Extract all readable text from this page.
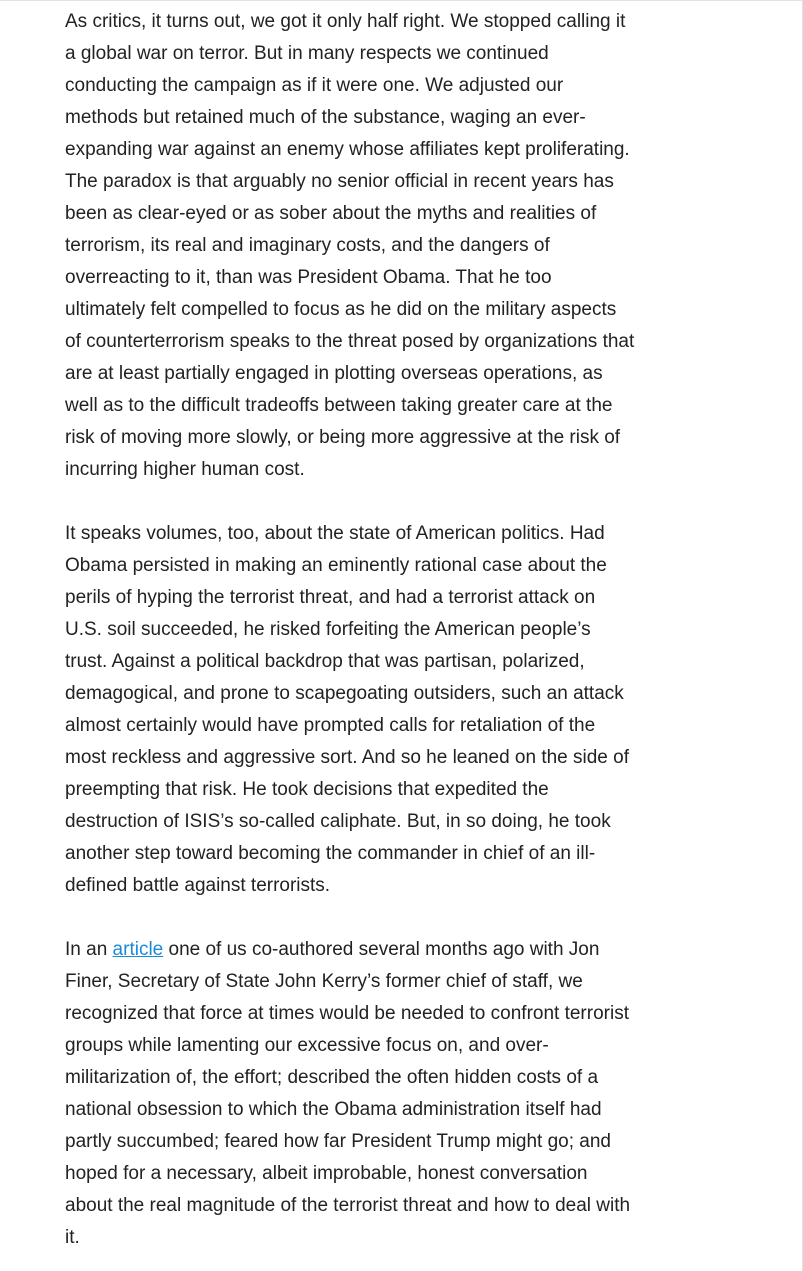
As critics, it turns out, we got it only half right. We stopped calling it
a global war on terror. But in many respects we continued
conducting the campaign as if it were one. We adjusted our
methods but retained much of the substance, waging an ever-
expanding war against an enemy whose affiliates kept proliferating.
The paradox is that arguably no senior official in recent years has
been as clear-eyed or as sober about the myths and realities of
terrorism, its real and imaginary costs, and the dangers of
overreacting to it, than was President Obama. That he too
ultimately felt compelled to focus as he did on the military aspects
of counterterrorism speaks to the threat posed by organizations that
are at least partially engaged in plotting overseas operations, as
well as to the difficult tradeoffs between taking greater care at the
risk of moving more slowly, or being more aggressive at the risk of
incurring higher human cost.

It speaks volumes, too, about the state of American politics. Had
Obama persisted in making an eminently rational case about the
perils of hyping the terrorist threat, and had a terrorist attack on
U.S. soil succeeded, he risked forfeiting the American people’s
trust. Against a political backdrop that was partisan, polarized,
demagogical, and prone to scapegoating outsiders, such an attack
almost certainly would have prompted calls for retaliation of the
most reckless and aggressive sort. And so he leaned on the side of
preempting that risk. He took decisions that expedited the
destruction of ISIS’s so-called caliphate. But, in so doing, he took
another step toward becoming the commander in chief of an ill-
defined battle against terrorists.

In an article one of us co-authored several months ago with Jon
Finer, Secretary of State John Kerry’s former chief of staff, we
recognized that force at times would be needed to confront terrorist
groups while lamenting our excessive focus on, and over-
militarization of, the effort; described the often hidden costs of a
national obsession to which the Obama administration itself had
partly succumbed; feared how far President Trump might go; and
hoped for a necessary, albeit improbable, honest conversation
about the real magnitude of the terrorist threat and how to deal with
it.
